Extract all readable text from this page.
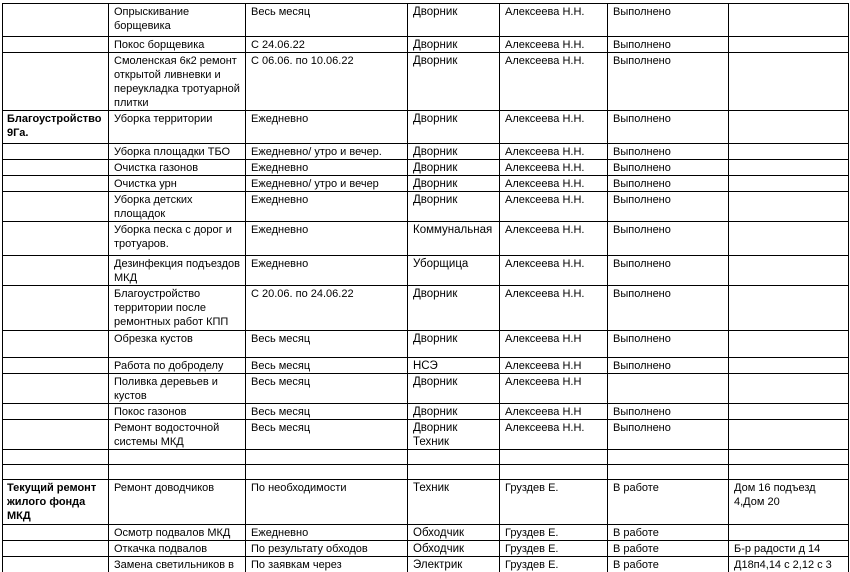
	Опрыскивание борщевика	Весь месяц	Дворник	Алексеева Н.Н.	Выполнено	
	Покос борщевика	С 24.06.22	Дворник	Алексеева Н.Н.	Выполнено	
	Смоленская 6к2 ремонт открытой ливневки и переукладка тротуарной плитки	С 06.06. по 10.06.22	Дворник	Алексеева Н.Н.	Выполнено	
Благоустройство 9Га.	Уборка территории	Ежедневно	Дворник	Алексеева Н.Н.	Выполнено	
	Уборка площадки ТБО	Ежедневно/ утро и вечер.	Дворник	Алексеева Н.Н.	Выполнено	
	Очистка газонов	Ежедневно	Дворник	Алексеева Н.Н.	Выполнено	
	Очистка урн	Ежедневно/ утро и вечер	Дворник	Алексеева Н.Н.	Выполнено	
	Уборка детских площадок	Ежедневно	Дворник	Алексеева Н.Н.	Выполнено	
	Уборка песка с дорог и тротуаров.	Ежедневно	Коммунальная	Алексеева Н.Н.	Выполнено	
	Дезинфекция подъездов МКД	Ежедневно	Уборщица	Алексеева Н.Н.	Выполнено	
	Благоустройство территории после ремонтных работ КПП	С 20.06. по 24.06.22	Дворник	Алексеева Н.Н.	Выполнено	
	Обрезка кустов	Весь месяц	Дворник	Алексеева Н.Н	Выполнено	
	Работа по доброделу	Весь месяц	НСЭ	Алексеева Н.Н	Выполнено	
	Поливка деревьев и кустов	Весь месяц	Дворник	Алексеева Н.Н		
	Покос газонов	Весь месяц	Дворник	Алексеева Н.Н	Выполнено	
	Ремонт водосточной системы МКД	Весь месяц	Дворник Техник	Алексеева Н.Н.	Выполнено	

Текущий ремонт жилого фонда МКД	Ремонт доводчиков	По необходимости	Техник	Груздев Е.	В работе	Дом 16 подъезд 4,Дом 20
	Осмотр подвалов МКД	Ежедневно	Обходчик	Груздев Е.	В работе	
	Откачка подвалов	По результату обходов	Обходчик	Груздев Е.	В работе	Б-р радости д 14
	Замена светильников в	По заявкам через	Электрик	Груздев Е.	В работе	Д18п4,14 с 2,12 с 3
